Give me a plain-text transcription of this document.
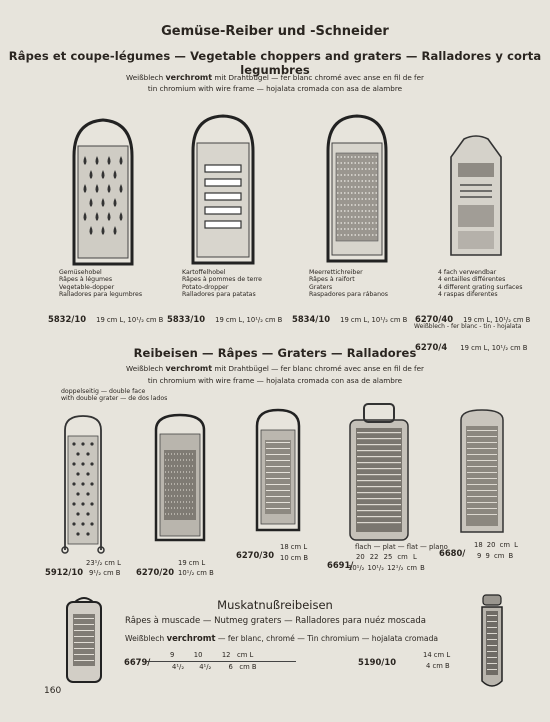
Gemüse-Reiber und -Schneider
Râpes et coupe-légumes — Vegetable choppers and graters — Ralladores y corta legumbres
Weißblech verchromt mit Drahtbügel — fer blanc chromé avec anse en fil de fer
tin chromium with wire frame — hojalata cromada con asa de alambre
Gemüsehobel
Râpes à légumes
Vegetable-dopper
Ralladores para legumbres
5832/10 19 cm L, 10¹/₂ cm B
Kartoffelhobel
Râpes à pommes de terre
Potato-dropper
Ralladores para patatas
5833/10 19 cm L, 10¹/₂ cm B
Meerrettichreiber
Râpes à raifort
Graters
Raspadores para rábanos
5834/10 19 cm L, 10¹/₂ cm B
4 fach verwendbar
4 entailles différentes
4 different grating surfaces
4 raspas diferentes
6270/40 19 cm L, 10¹/₂ cm B
Weißblech - fer blanc - tin - hojalata
6270/4 19 cm L, 10¹/₂ cm B
Reibeisen — Râpes — Graters — Ralladores
Weißblech verchromt mit Drahtbügel — fer blanc chromé avec anse en fil de fer
tin chromium with wire frame — hojalata cromada con asa de alambre
doppelseitig — double face
with double grater — de dos lados
5912/10
23¹/₂ cm L
9¹/₂ cm B 6270/20
19 cm L
10¹/₂ cm B
6270/30
18 cm L
10 cm B
flach — plat — flat — plano
6691/
20 22 25 cm L
10¹/₂ 10¹/₂ 12¹/₂ cm B
6680/
18 20 cm L
9 9 cm B
Muskatnußreibeisen
Râpes à muscade — Nutmeg graters — Ralladores para nuéz moscada
Weißblech verchromt — fer blanc, chromé — Tin chromium — hojalata cromada
6679/
9         10         12   cm L
4¹/₂       4¹/₂        6   cm B	5190/10
14 cm L
4 cm B
160
